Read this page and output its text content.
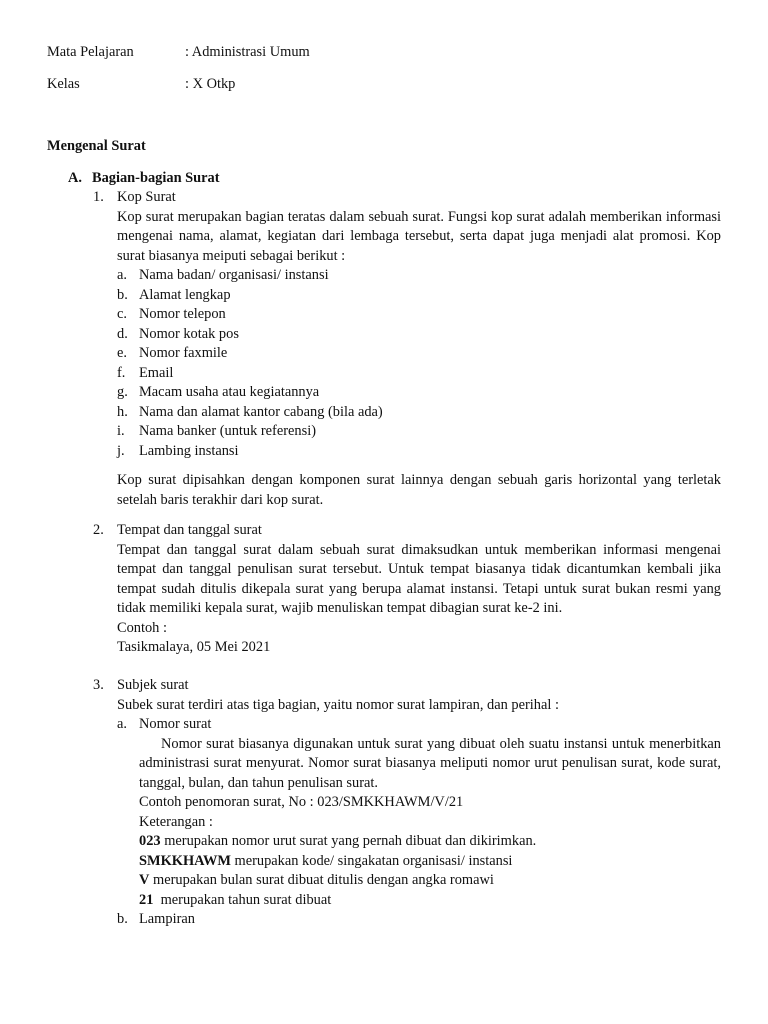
Mata Pelajaran	: Administrasi Umum
Kelas	: X Otkp
Mengenal Surat
A. Bagian-bagian Surat
1. Kop Surat

Kop surat merupakan bagian teratas dalam sebuah surat. Fungsi kop surat adalah memberikan informasi mengenai nama, alamat, kegiatan dari lembaga tersebut, serta dapat juga menjadi alat promosi. Kop surat biasanya meiputi sebagai berikut :

a. Nama badan/ organisasi/ instansi
b. Alamat lengkap
c. Nomor telepon
d. Nomor kotak pos
e. Nomor faxmile
f. Email
g. Macam usaha atau kegiatannya
h. Nama dan alamat kantor cabang (bila ada)
i. Nama banker (untuk referensi)
j. Lambing instansi

Kop surat dipisahkan dengan komponen surat lainnya dengan sebuah garis horizontal yang terletak setelah baris terakhir dari kop surat.

2. Tempat dan tanggal surat

Tempat dan tanggal surat dalam sebuah surat dimaksudkan untuk memberikan informasi mengenai tempat dan tanggal penulisan surat tersebut. Untuk tempat biasanya tidak dicantumkan kembali jika tempat sudah ditulis dikepala surat yang berupa alamat instansi. Tetapi untuk surat bukan resmi yang tidak memiliki kepala surat, wajib menuliskan tempat dibagian surat ke-2 ini.

Contoh :

Tasikmalaya, 05 Mei 2021

3. Subjek surat

Subek surat terdiri atas tiga bagian, yaitu nomor surat lampiran, dan perihal :

a. Nomor surat

Nomor surat biasanya digunakan untuk surat yang dibuat oleh suatu instansi untuk menerbitkan administrasi surat menyurat. Nomor surat biasanya meliputi nomor urut penulisan surat, kode surat, tanggal, bulan, dan tahun penulisan surat.

Contoh penomoran surat, No : 023/SMKKHAWM/V/21

Keterangan :

023 merupakan nomor urut surat yang pernah dibuat dan dikirimkan.

SMKKHAWM merupakan kode/ singakatan organisasi/ instansi

V merupakan bulan surat dibuat ditulis dengan angka romawi

21  merupakan tahun surat dibuat

b. Lampiran
